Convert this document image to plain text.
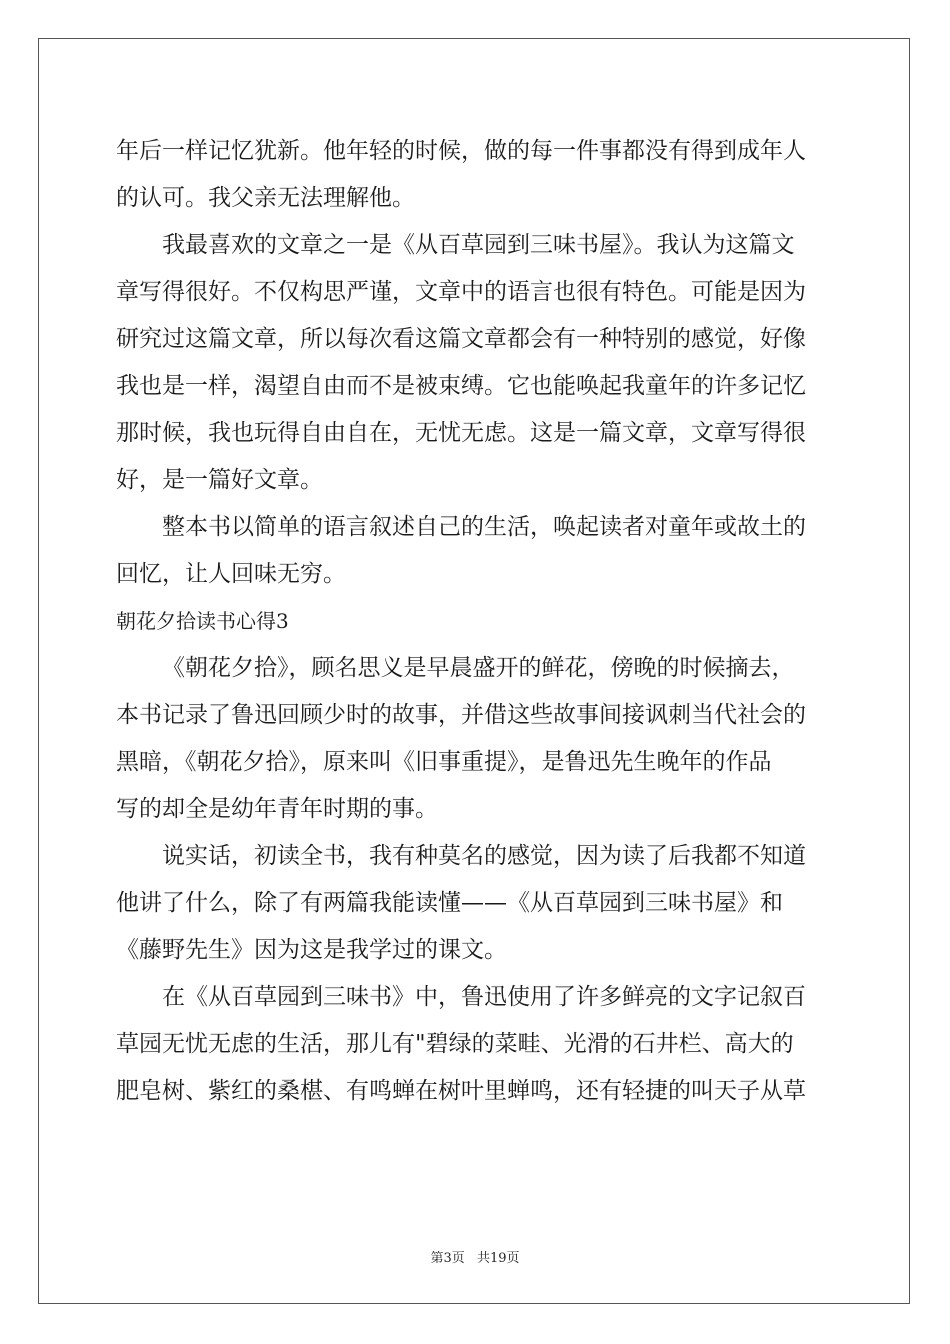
年后一样记忆犹新。他年轻的时候，做的每一件事都没有得到成年人
的认可。我父亲无法理解他。
我最喜欢的文章之一是《从百草园到三味书屋》。我认为这篇文
章写得很好。不仅构思严谨，文章中的语言也很有特色。可能是因为
研究过这篇文章，所以每次看这篇文章都会有一种特别的感觉，好像
我也是一样，渴望自由而不是被束缚。它也能唤起我童年的许多记忆
那时候，我也玩得自由自在，无忧无虑。这是一篇文章，文章写得很
好，是一篇好文章。
整本书以简单的语言叙述自己的生活，唤起读者对童年或故土的
回忆，让人回味无穷。
朝花夕拾读书心得3
《朝花夕拾》，顾名思义是早晨盛开的鲜花，傍晚的时候摘去，
本书记录了鲁迅回顾少时的故事，并借这些故事间接讽刺当代社会的
黑暗，《朝花夕拾》，原来叫《旧事重提》，是鲁迅先生晚年的作品
写的却全是幼年青年时期的事。
说实话，初读全书，我有种莫名的感觉，因为读了后我都不知道
他讲了什么，除了有两篇我能读懂——《从百草园到三味书屋》和
《藤野先生》因为这是我学过的课文。
在《从百草园到三味书》中，鲁迅使用了许多鲜亮的文字记叙百
草园无忧无虑的生活，那儿有"碧绿的菜畦、光滑的石井栏、高大的
肥皂树、紫红的桑椹、有鸣蝉在树叶里蝉鸣，还有轻捷的叫天子从草
第3页 共19页
